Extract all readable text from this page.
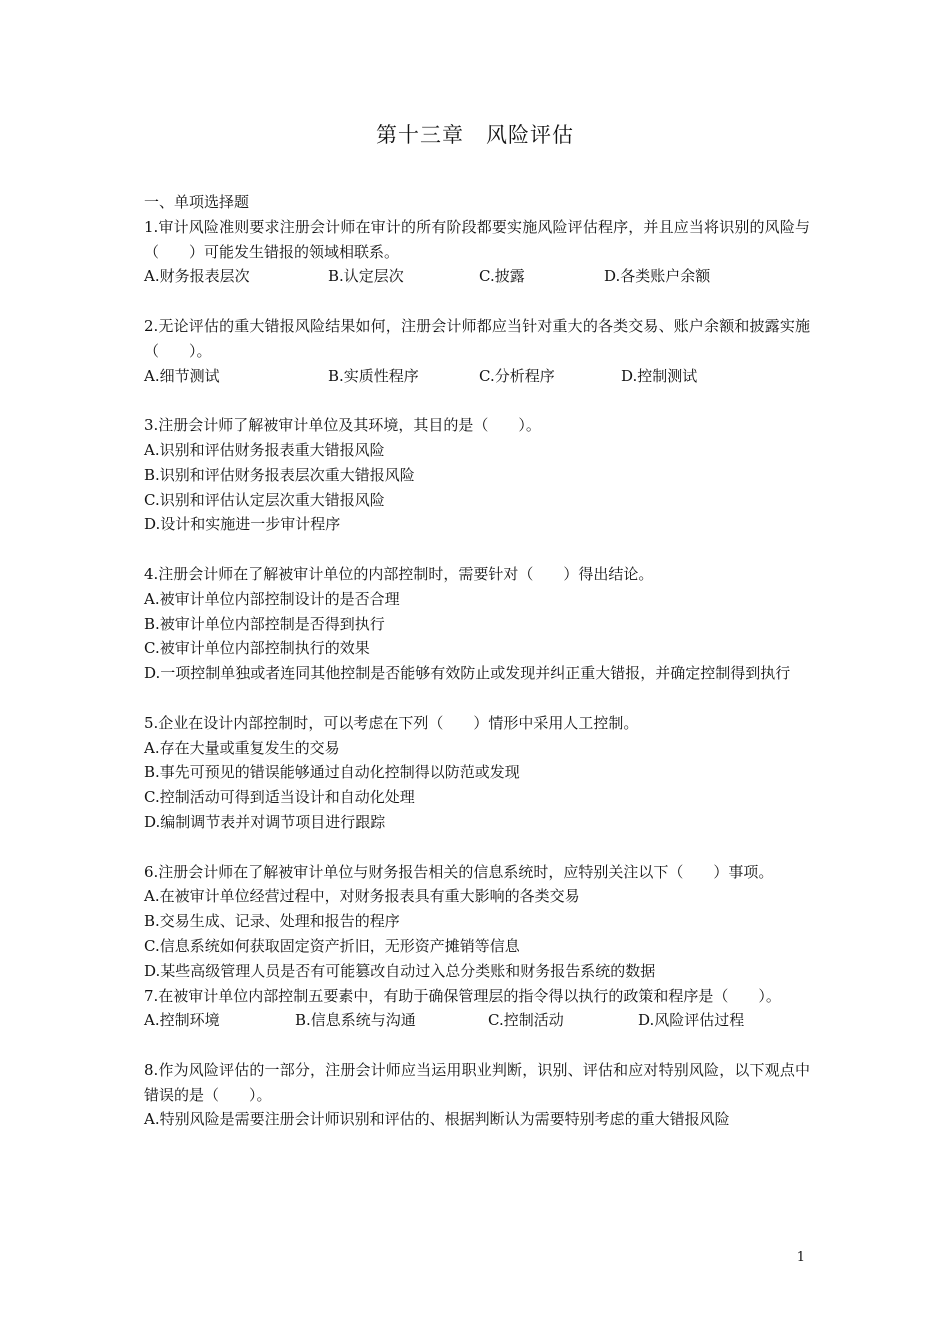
第十三章　风险评估

一、单项选择题

1.审计风险准则要求注册会计师在审计的所有阶段都要实施风险评估程序，并且应当将识别的风险与（　　）可能发生错报的领域相联系。

A.财务报表层次	B.认定层次	C.披露	D.各类账户余额

2.无论评估的重大错报风险结果如何，注册会计师都应当针对重大的各类交易、账户余额和披露实施（　　）。

A.细节测试	B.实质性程序	C.分析程序	D.控制测试

3.注册会计师了解被审计单位及其环境，其目的是（　　）。

A.识别和评估财务报表重大错报风险

B.识别和评估财务报表层次重大错报风险

C.识别和评估认定层次重大错报风险

D.设计和实施进一步审计程序

4.注册会计师在了解被审计单位的内部控制时，需要针对（　　）得出结论。

A.被审计单位内部控制设计的是否合理

B.被审计单位内部控制是否得到执行

C.被审计单位内部控制执行的效果

D.一项控制单独或者连同其他控制是否能够有效防止或发现并纠正重大错报，并确定控制得到执行

5.企业在设计内部控制时，可以考虑在下列（　　）情形中采用人工控制。

A.存在大量或重复发生的交易

B.事先可预见的错误能够通过自动化控制得以防范或发现

C.控制活动可得到适当设计和自动化处理

D.编制调节表并对调节项目进行跟踪

6.注册会计师在了解被审计单位与财务报告相关的信息系统时，应特别关注以下（　　）事项。

A.在被审计单位经营过程中，对财务报表具有重大影响的各类交易

B.交易生成、记录、处理和报告的程序

C.信息系统如何获取固定资产折旧，无形资产摊销等信息

D.某些高级管理人员是否有可能篡改自动过入总分类账和财务报告系统的数据

7.在被审计单位内部控制五要素中，有助于确保管理层的指令得以执行的政策和程序是（　　）。

A.控制环境	B.信息系统与沟通	C.控制活动	D.风险评估过程

8.作为风险评估的一部分，注册会计师应当运用职业判断，识别、评估和应对特别风险，以下观点中错误的是（　　）。

A.特别风险是需要注册会计师识别和评估的、根据判断认为需要特别考虑的重大错报风险

1
